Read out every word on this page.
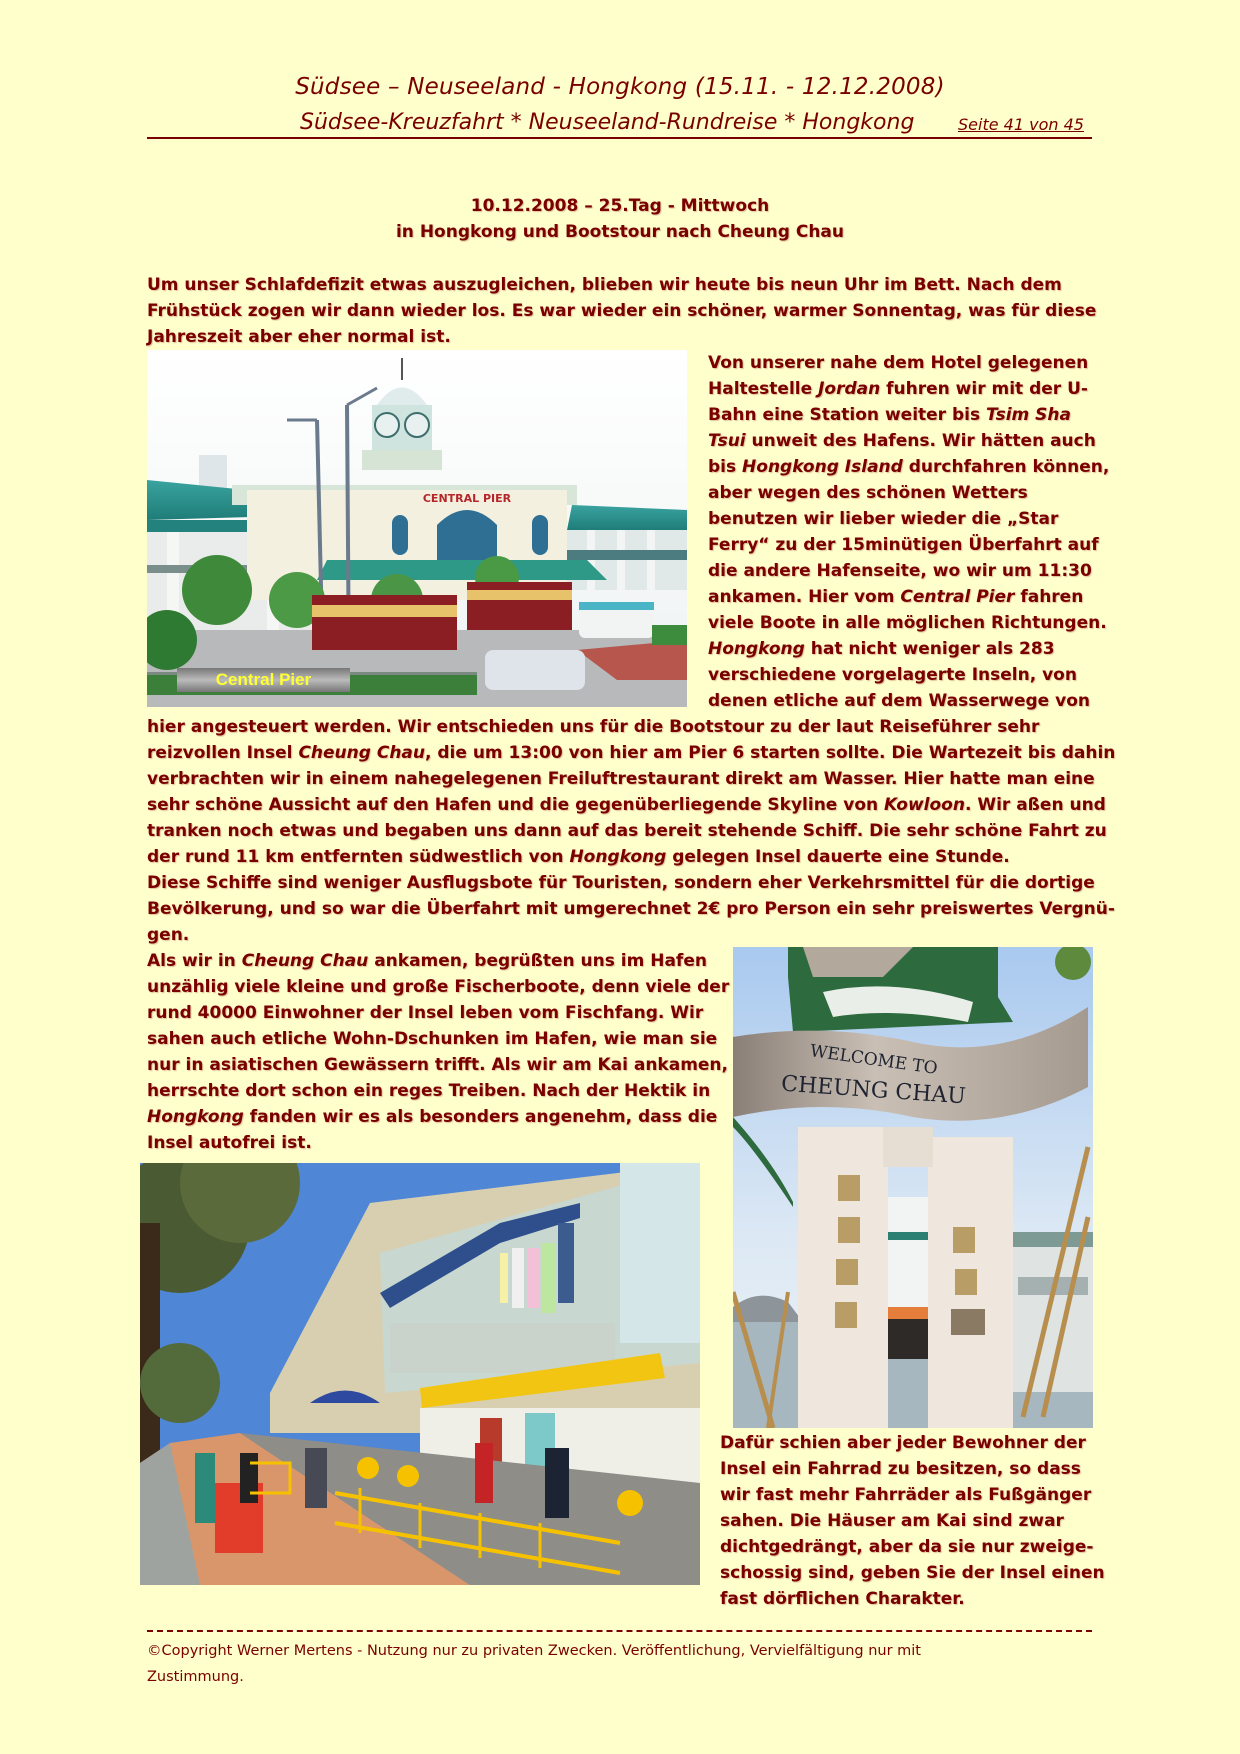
Südsee – Neuseeland - Hongkong (15.11. - 12.12.2008)
Südsee-Kreuzfahrt * Neuseeland-Rundreise * Hongkong	Seite 41 von 45
10.12.2008 – 25.Tag - Mittwoch
in Hongkong und Bootstour nach Cheung Chau
Um unser Schlafdefizit etwas auszugleichen, blieben wir heute bis neun Uhr im Bett. Nach dem
Frühstück zogen wir dann wieder los. Es war wieder ein schöner, warmer Sonnentag, was für diese
Jahreszeit aber eher normal ist.
CENTRAL PIER
Central Pier
Von unserer nahe dem Hotel gelegenen
Haltestelle Jordan fuhren wir mit der U-
Bahn eine Station weiter bis Tsim Sha
Tsui unweit des Hafens. Wir hätten auch
bis Hongkong Island durchfahren können,
aber wegen des schönen Wetters
benutzen wir lieber wieder die „Star
Ferry“ zu der 15minütigen Überfahrt auf
die andere Hafenseite, wo wir um 11:30
ankamen. Hier vom Central Pier fahren
viele Boote in alle möglichen Richtungen.
Hongkong hat nicht weniger als 283
verschiedene vorgelagerte Inseln, von
denen etliche auf dem Wasserwege von
hier angesteuert werden. Wir entschieden uns für die Bootstour zu der laut Reiseführer sehr
reizvollen Insel Cheung Chau, die um 13:00 von hier am Pier 6 starten sollte. Die Wartezeit bis dahin
verbrachten wir in einem nahegelegenen Freiluftrestaurant direkt am Wasser. Hier hatte man eine
sehr schöne Aussicht auf den Hafen und die gegenüberliegende Skyline von Kowloon. Wir aßen und
tranken noch etwas und begaben uns dann auf das bereit stehende Schiff. Die sehr schöne Fahrt zu
der rund 11 km entfernten südwestlich von Hongkong gelegen Insel dauerte eine Stunde.
Diese Schiffe sind weniger Ausflugsbote für Touristen, sondern eher Verkehrsmittel für die dortige
Bevölkerung, und so war die Überfahrt mit umgerechnet 2€ pro Person ein sehr preiswertes Vergnü-
gen.
Als wir in Cheung Chau ankamen, begrüßten uns im Hafen
unzählig viele kleine und große Fischerboote, denn viele der
rund 40000 Einwohner der Insel leben vom Fischfang. Wir
sahen auch etliche Wohn-Dschunken im Hafen, wie man sie
nur in asiatischen Gewässern trifft. Als wir am Kai ankamen,
herrschte dort schon ein reges Treiben. Nach der Hektik in
Hongkong fanden wir es als besonders angenehm, dass die
Insel autofrei ist.
WELCOME TO
CHEUNG CHAU
Dafür schien aber jeder Bewohner der
Insel ein Fahrrad zu besitzen, so dass
wir fast mehr Fahrräder als Fußgänger
sahen. Die Häuser am Kai sind zwar
dichtgedrängt, aber da sie nur zweige-
schossig sind, geben Sie der Insel einen
fast dörflichen Charakter.
©Copyright Werner Mertens - Nutzung nur zu privaten Zwecken. Veröffentlichung, Vervielfältigung nur mit
Zustimmung.
